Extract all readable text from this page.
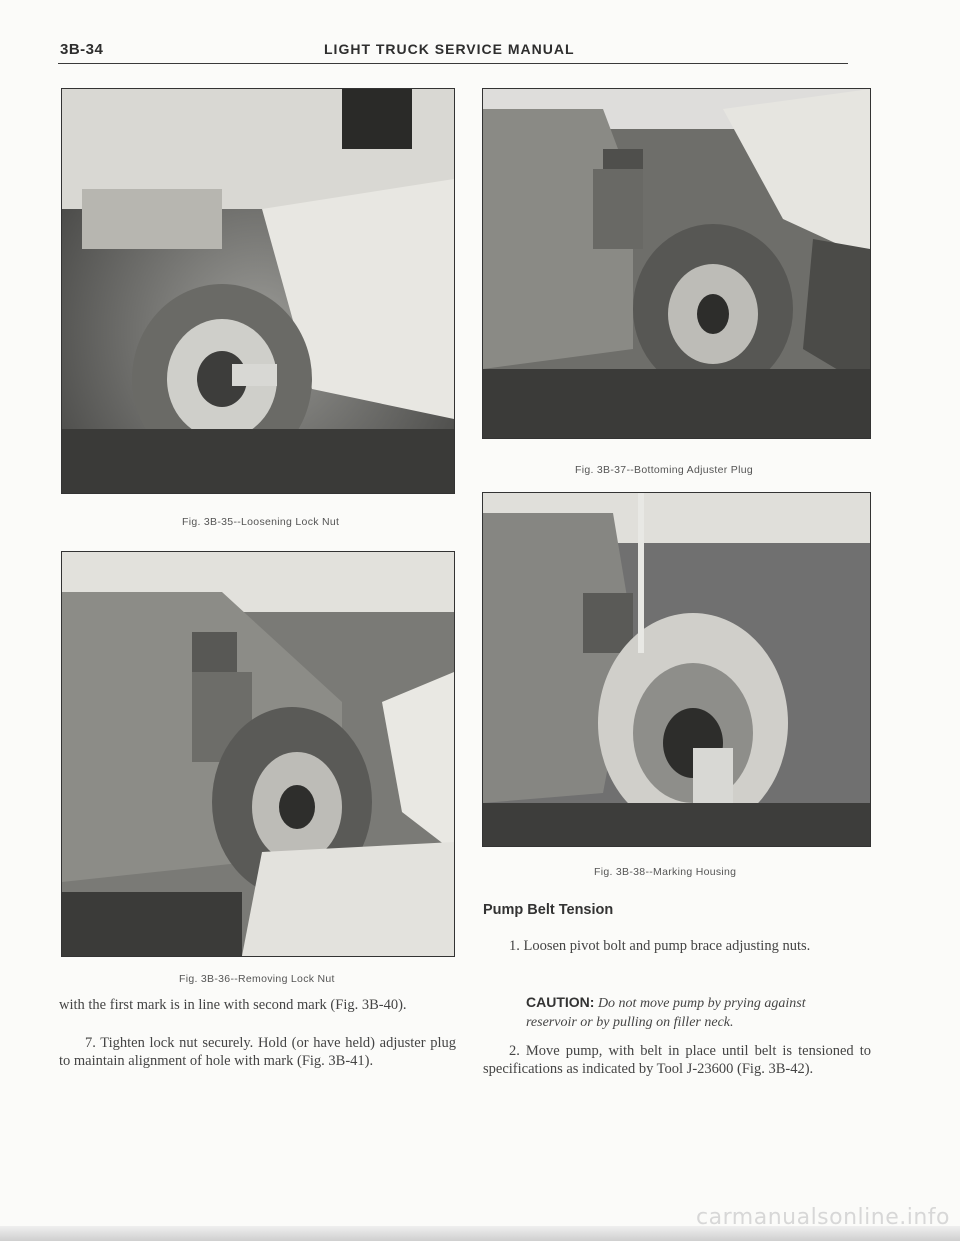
3B-34	LIGHT TRUCK SERVICE MANUAL
Fig. 3B-35--Loosening Lock Nut
Fig. 3B-36--Removing Lock Nut

with the first mark is in line with second mark (Fig. 3B-40).

7. Tighten lock nut securely. Hold (or have held) adjuster plug to maintain alignment of hole with mark (Fig. 3B-41).

Fig. 3B-37--Bottoming Adjuster Plug
Fig. 3B-38--Marking Housing
Pump Belt Tension

1. Loosen pivot bolt and pump brace adjusting nuts.

CAUTION: Do not move pump by prying against reservoir or by pulling on filler neck.

2. Move pump, with belt in place until belt is tensioned to specifications as indicated by Tool J-23600 (Fig. 3B-42).

carmanualsonline.info
